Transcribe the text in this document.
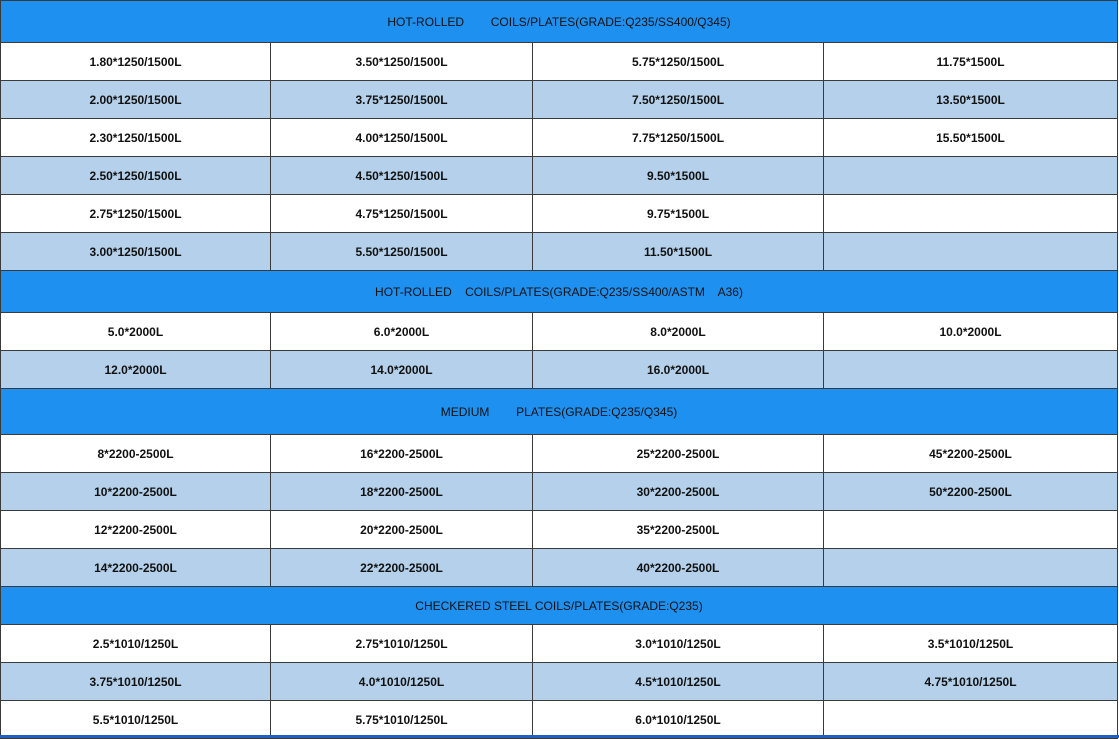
HOT-ROLLED        COILS/PLATES(GRADE:Q235/SS400/Q345)			
1.80*1250/1500L	3.50*1250/1500L	5.75*1250/1500L	11.75*1500L
2.00*1250/1500L	3.75*1250/1500L	7.50*1250/1500L	13.50*1500L
2.30*1250/1500L	4.00*1250/1500L	7.75*1250/1500L	15.50*1500L
2.50*1250/1500L	4.50*1250/1500L	9.50*1500L	
2.75*1250/1500L	4.75*1250/1500L	9.75*1500L	
3.00*1250/1500L	5.50*1250/1500L	11.50*1500L	
HOT-ROLLED    COILS/PLATES(GRADE:Q235/SS400/ASTM    A36)			
5.0*2000L	6.0*2000L	8.0*2000L	10.0*2000L
12.0*2000L	14.0*2000L	16.0*2000L	
MEDIUM        PLATES(GRADE:Q235/Q345)			
8*2200-2500L	16*2200-2500L	25*2200-2500L	45*2200-2500L
10*2200-2500L	18*2200-2500L	30*2200-2500L	50*2200-2500L
12*2200-2500L	20*2200-2500L	35*2200-2500L	
14*2200-2500L	22*2200-2500L	40*2200-2500L	
CHECKERED STEEL COILS/PLATES(GRADE:Q235)			
2.5*1010/1250L	2.75*1010/1250L	3.0*1010/1250L	3.5*1010/1250L
3.75*1010/1250L	4.0*1010/1250L	4.5*1010/1250L	4.75*1010/1250L
5.5*1010/1250L	5.75*1010/1250L	6.0*1010/1250L	
